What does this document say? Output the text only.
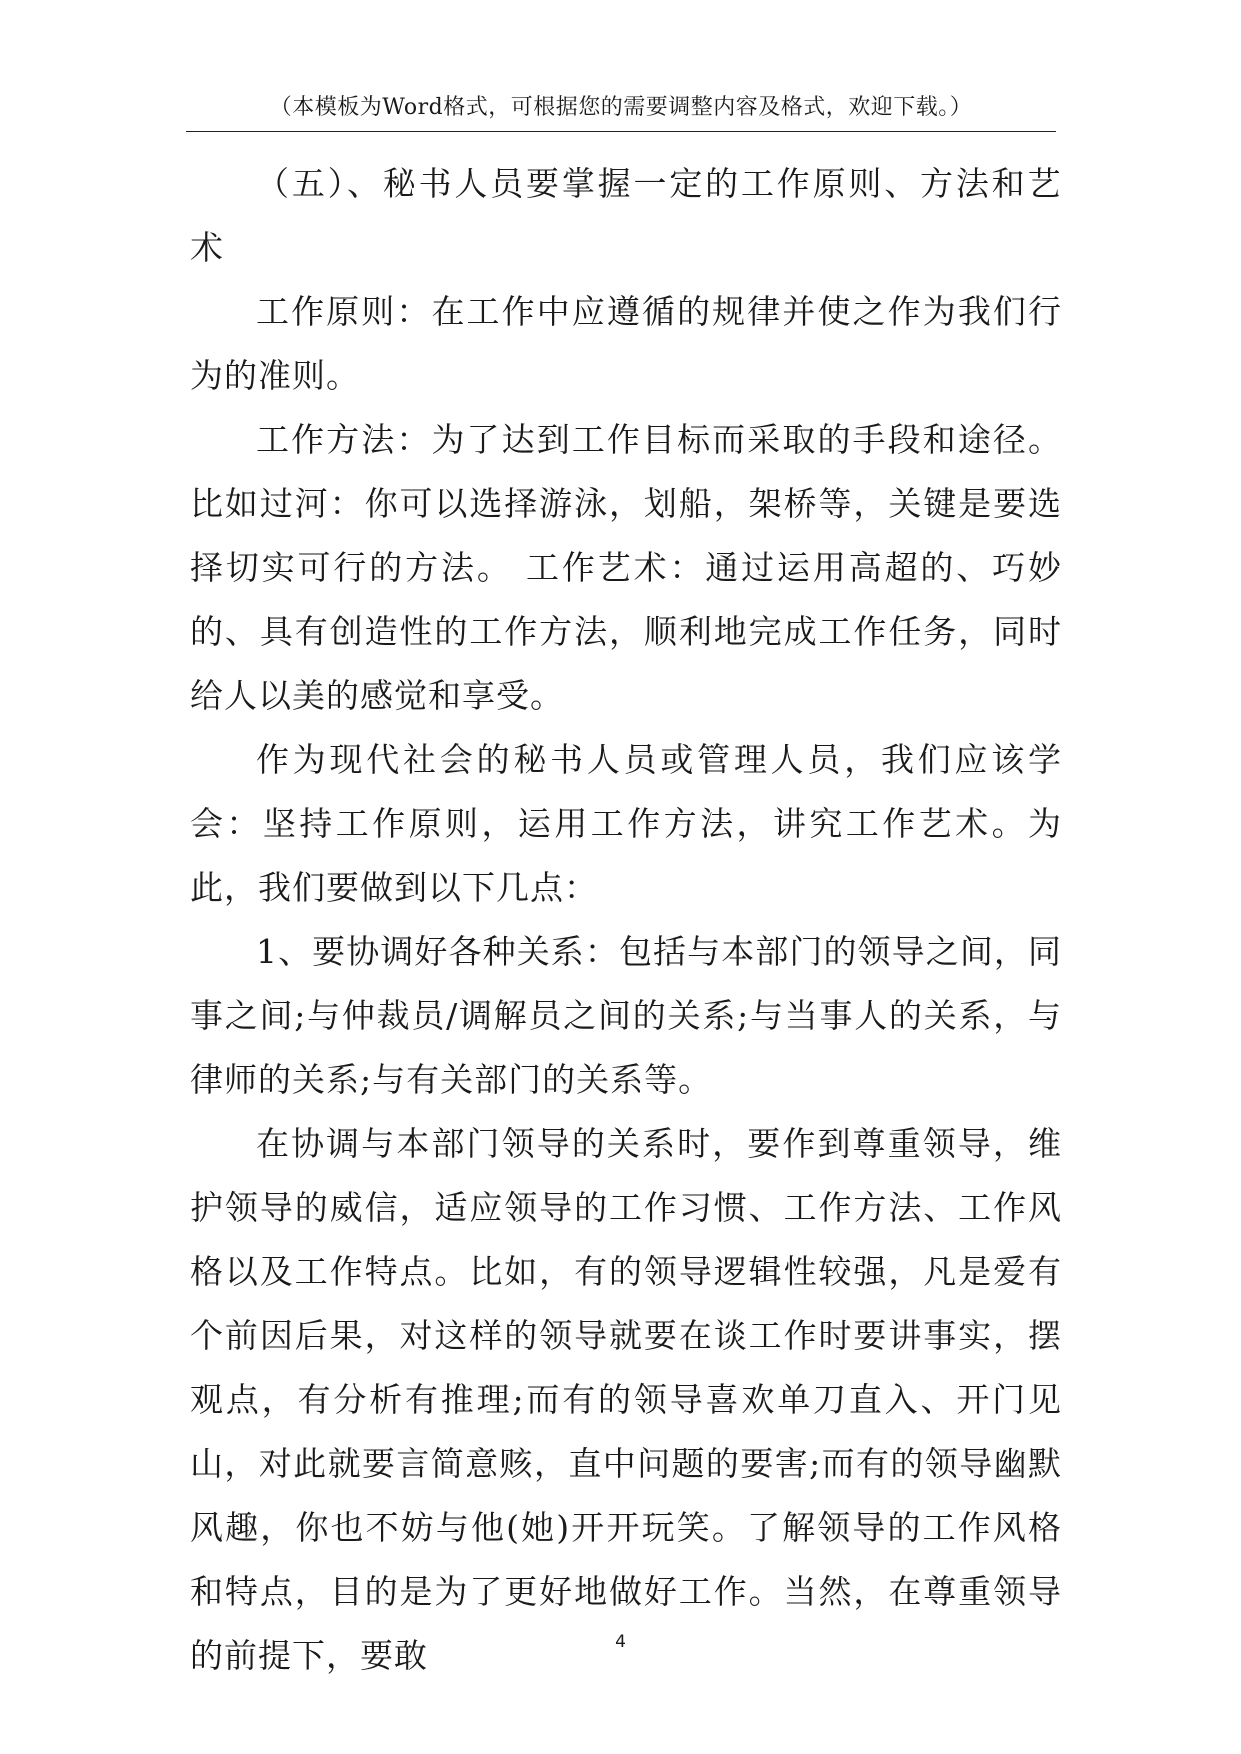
（本模板为Word格式，可根据您的需要调整内容及格式，欢迎下载。）

（五）、秘书人员要掌握一定的工作原则、方法和艺术

工作原则：在工作中应遵循的规律并使之作为我们行为的准则。

工作方法：为了达到工作目标而采取的手段和途径。比如过河：你可以选择游泳，划船，架桥等，关键是要选择切实可行的方法。 工作艺术：通过运用高超的、巧妙的、具有创造性的工作方法，顺利地完成工作任务，同时给人以美的感觉和享受。

作为现代社会的秘书人员或管理人员，我们应该学会：坚持工作原则，运用工作方法，讲究工作艺术。为此，我们要做到以下几点：

1、要协调好各种关系：包括与本部门的领导之间，同事之间;与仲裁员/调解员之间的关系;与当事人的关系，与律师的关系;与有关部门的关系等。

在协调与本部门领导的关系时，要作到尊重领导，维护领导的威信，适应领导的工作习惯、工作方法、工作风格以及工作特点。比如，有的领导逻辑性较强，凡是爱有个前因后果，对这样的领导就要在谈工作时要讲事实，摆观点，有分析有推理;而有的领导喜欢单刀直入、开门见山，对此就要言简意赅，直中问题的要害;而有的领导幽默风趣，你也不妨与他(她)开开玩笑。了解领导的工作风格和特点，目的是为了更好地做好工作。当然，在尊重领导的前提下，要敢	4
